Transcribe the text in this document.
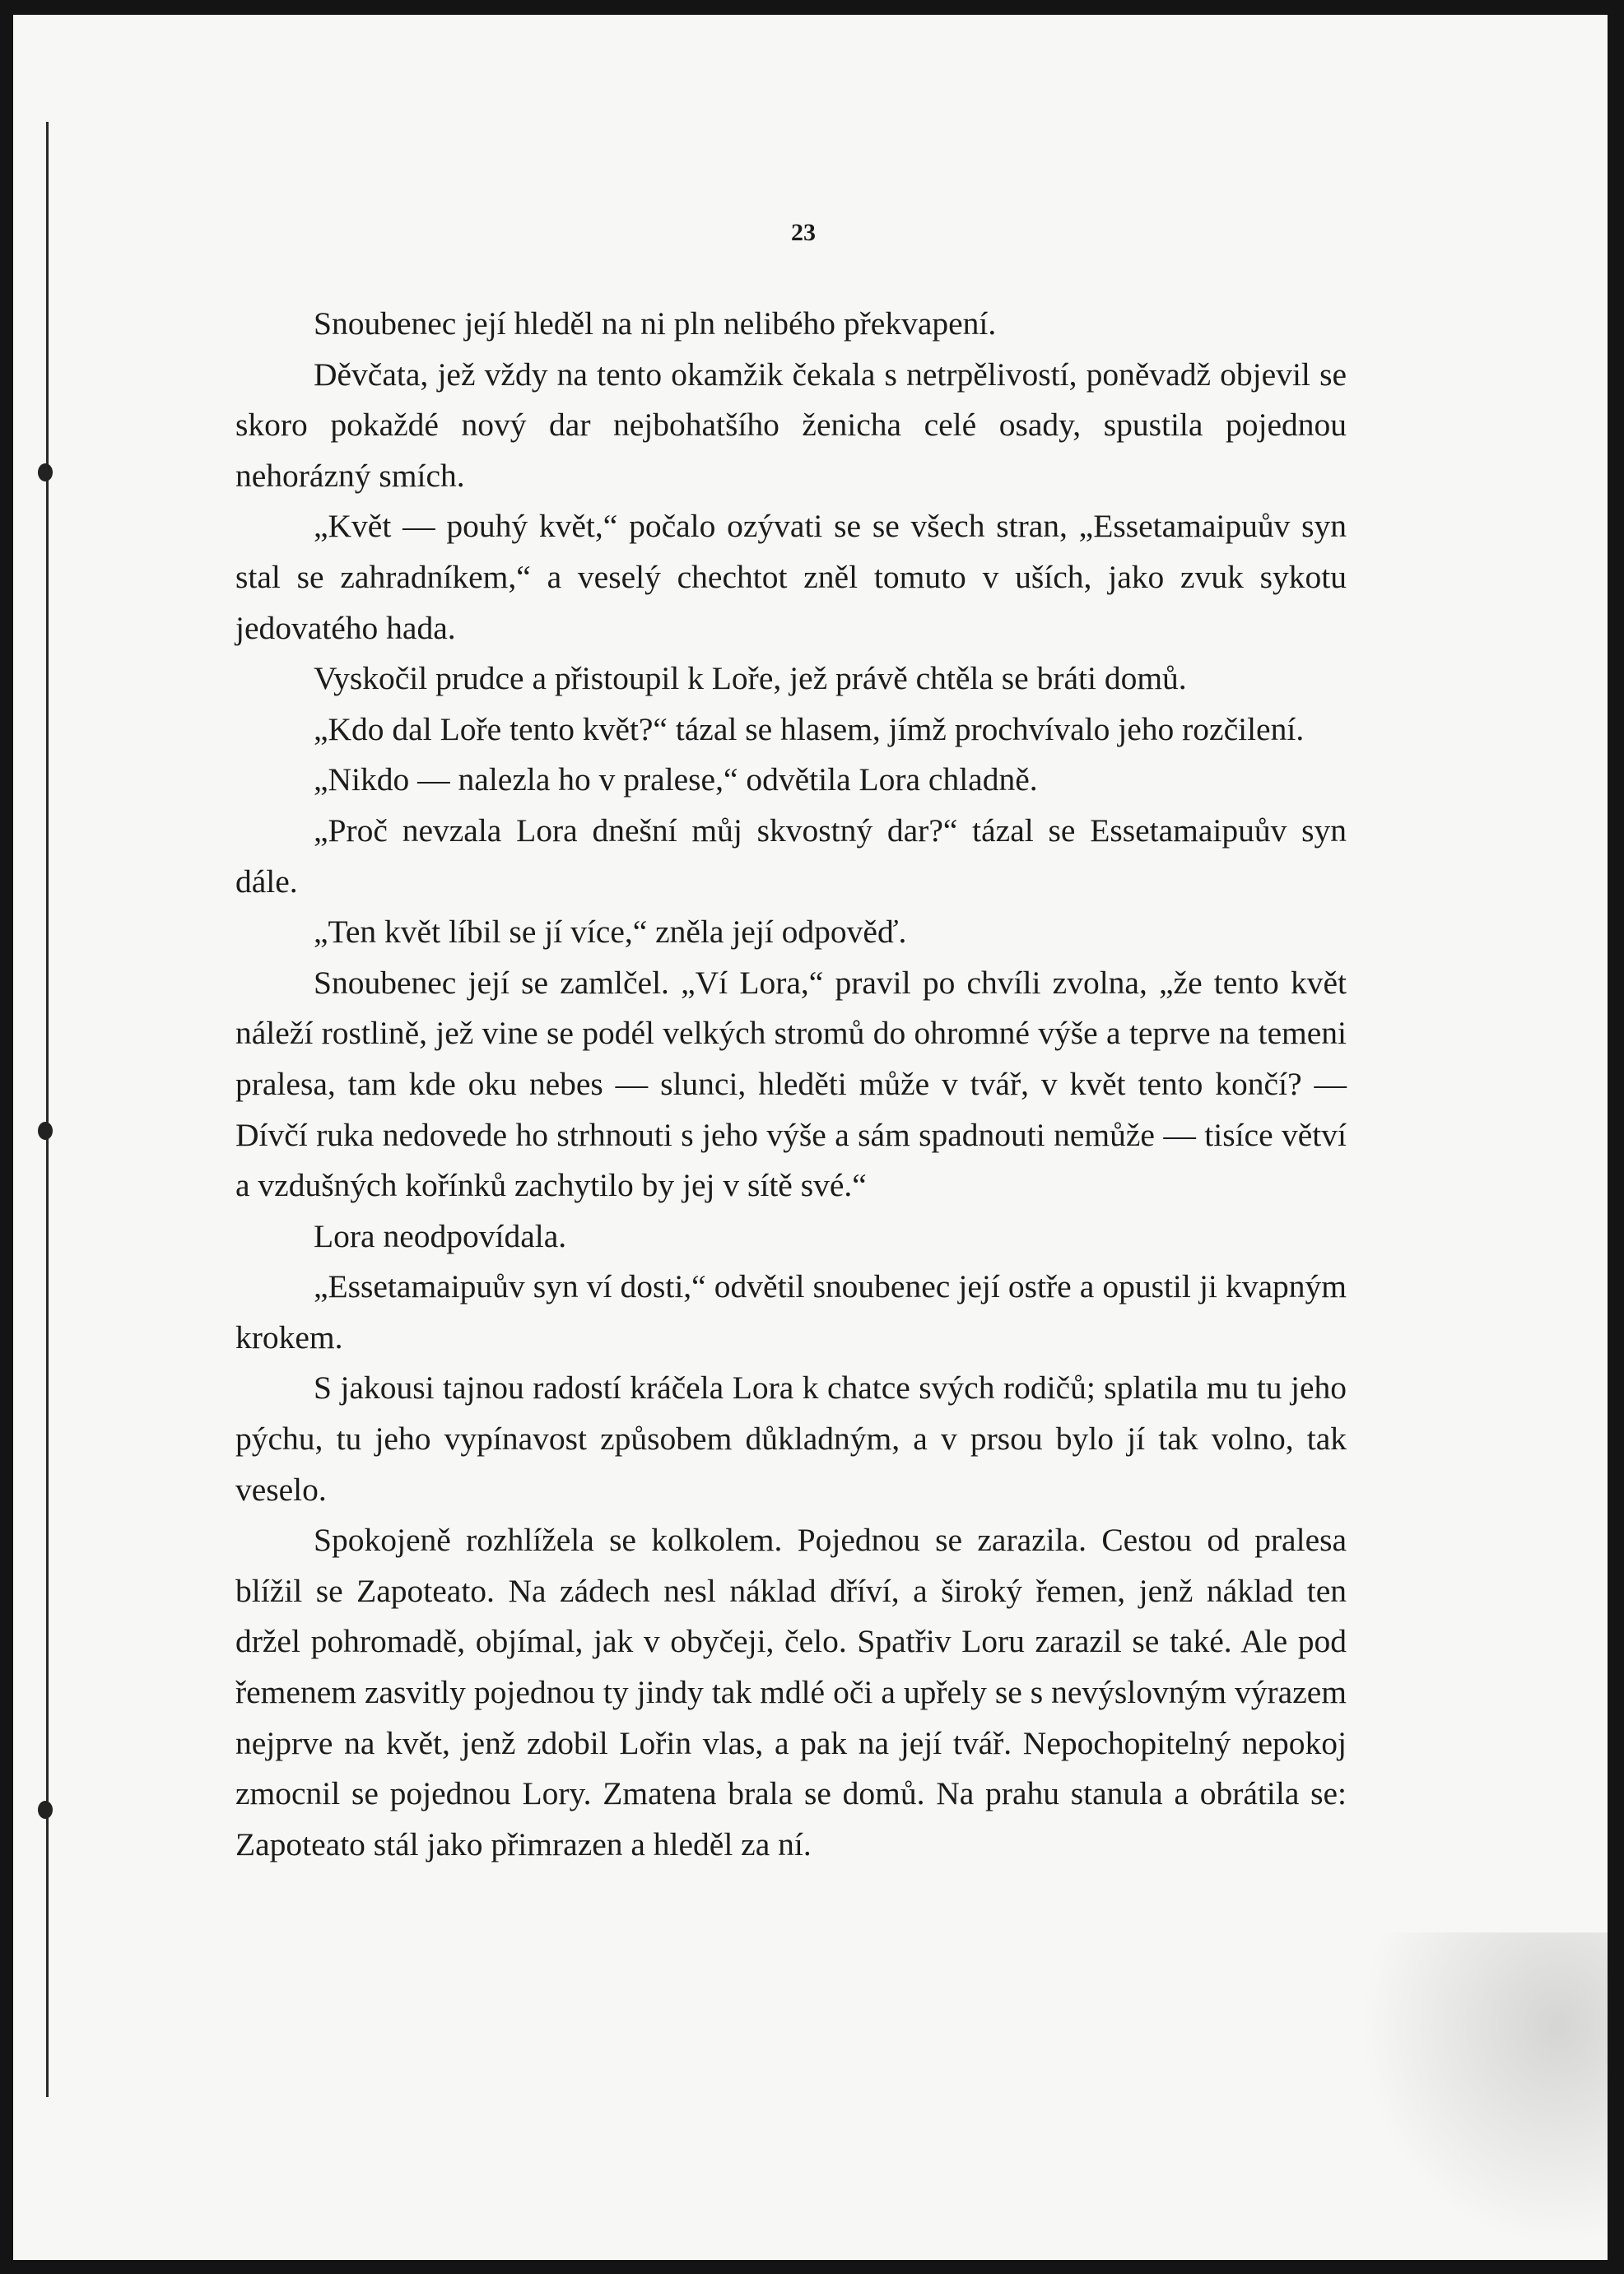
23

Snoubenec její hleděl na ni pln nelibého překvapení.

Děvčata, jež vždy na tento okamžik čekala s netrpělivostí, poněvadž objevil se skoro pokaždé nový dar nejbohatšího ženicha celé osady, spustila pojednou nehorázný smích.

„Květ — pouhý květ,“ počalo ozývati se se všech stran, „Essetamaipuův syn stal se zahradníkem,“ a veselý chechtot zněl tomuto v uších, jako zvuk sykotu jedovatého hada.

Vyskočil prudce a přistoupil k Loře, jež právě chtěla se bráti domů.

„Kdo dal Loře tento květ?“ tázal se hlasem, jímž prochvívalo jeho rozčilení.

„Nikdo — nalezla ho v pralese,“ odvětila Lora chladně.

„Proč nevzala Lora dnešní můj skvostný dar?“ tázal se Essetamaipuův syn dále.

„Ten květ líbil se jí více,“ zněla její odpověď.

Snoubenec její se zamlčel. „Ví Lora,“ pravil po chvíli zvolna, „že tento květ náleží rostlině, jež vine se podél velkých stromů do ohromné výše a teprve na temeni pralesa, tam kde oku nebes — slunci, hleděti může v tvář, v květ tento končí? — Dívčí ruka nedovede ho strhnouti s jeho výše a sám spadnouti nemůže — tisíce větví a vzdušných kořínků zachytilo by jej v sítě své.“

Lora neodpovídala.

„Essetamaipuův syn ví dosti,“ odvětil snoubenec její ostře a opustil ji kvapným krokem.

S jakousi tajnou radostí kráčela Lora k chatce svých rodičů; splatila mu tu jeho pýchu, tu jeho vypínavost způsobem důkladným, a v prsou bylo jí tak volno, tak veselo.

Spokojeně rozhlížela se kolkolem. Pojednou se zarazila. Cestou od pralesa blížil se Zapoteato. Na zádech nesl náklad dříví, a široký řemen, jenž náklad ten držel pohromadě, objímal, jak v obyčeji, čelo. Spatřiv Loru zarazil se také. Ale pod řemenem zasvitly pojednou ty jindy tak mdlé oči a upřely se s nevýslovným výrazem nejprve na květ, jenž zdobil Lořin vlas, a pak na její tvář. Nepochopitelný nepokoj zmocnil se pojednou Lory. Zmatena brala se domů. Na prahu stanula a obrátila se: Zapoteato stál jako přimrazen a hleděl za ní.
